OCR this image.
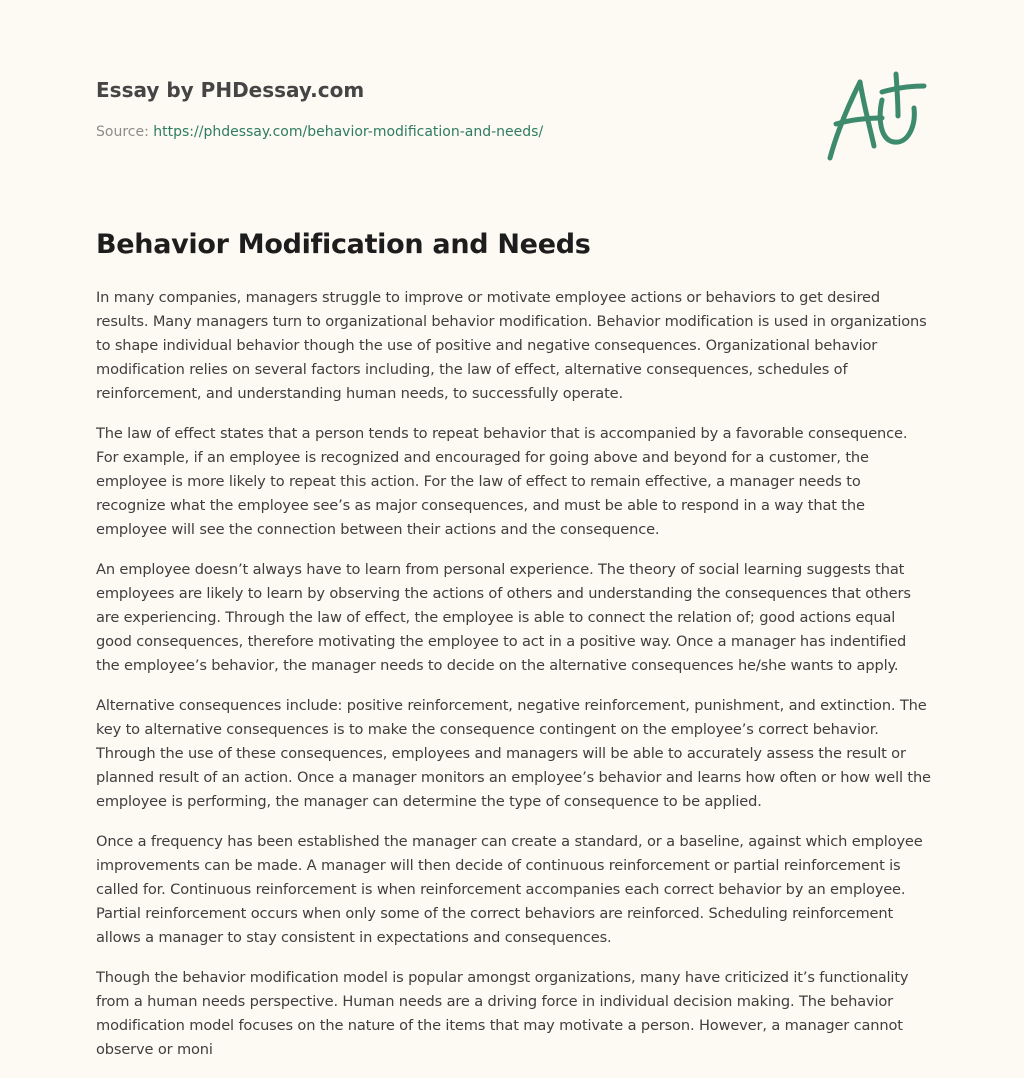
Essay by PHDessay.com
Source: https://phdessay.com/behavior-modification-and-needs/
Behavior Modification and Needs

In many companies, managers struggle to improve or motivate employee actions or behaviors to get desired results. Many managers turn to organizational behavior modification. Behavior modification is used in organizations to shape individual behavior though the use of positive and negative consequences. Organizational behavior modification relies on several factors including, the law of effect, alternative consequences, schedules of reinforcement, and understanding human needs, to successfully operate.

The law of effect states that a person tends to repeat behavior that is accompanied by a favorable consequence. For example, if an employee is recognized and encouraged for going above and beyond for a customer, the employee is more likely to repeat this action. For the law of effect to remain effective, a manager needs to recognize what the employee see’s as major consequences, and must be able to respond in a way that the employee will see the connection between their actions and the consequence.

An employee doesn’t always have to learn from personal experience. The theory of social learning suggests that employees are likely to learn by observing the actions of others and understanding the consequences that others are experiencing. Through the law of effect, the employee is able to connect the relation of; good actions equal good consequences, therefore motivating the employee to act in a positive way. Once a manager has indentified the employee’s behavior, the manager needs to decide on the alternative consequences he/she wants to apply.

Alternative consequences include: positive reinforcement, negative reinforcement, punishment, and extinction. The key to alternative consequences is to make the consequence contingent on the employee’s correct behavior. Through the use of these consequences, employees and managers will be able to accurately assess the result or planned result of an action. Once a manager monitors an employee’s behavior and learns how often or how well the employee is performing, the manager can determine the type of consequence to be applied.

Once a frequency has been established the manager can create a standard, or a baseline, against which employee improvements can be made. A manager will then decide of continuous reinforcement or partial reinforcement is called for. Continuous reinforcement is when reinforcement accompanies each correct behavior by an employee. Partial reinforcement occurs when only some of the correct behaviors are reinforced. Scheduling reinforcement allows a manager to stay consistent in expectations and consequences.

Though the behavior modification model is popular amongst organizations, many have criticized it’s functionality from a human needs perspective. Human needs are a driving force in individual decision making. The behavior modification model focuses on the nature of the items that may motivate a person. However, a manager cannot observe or moni
